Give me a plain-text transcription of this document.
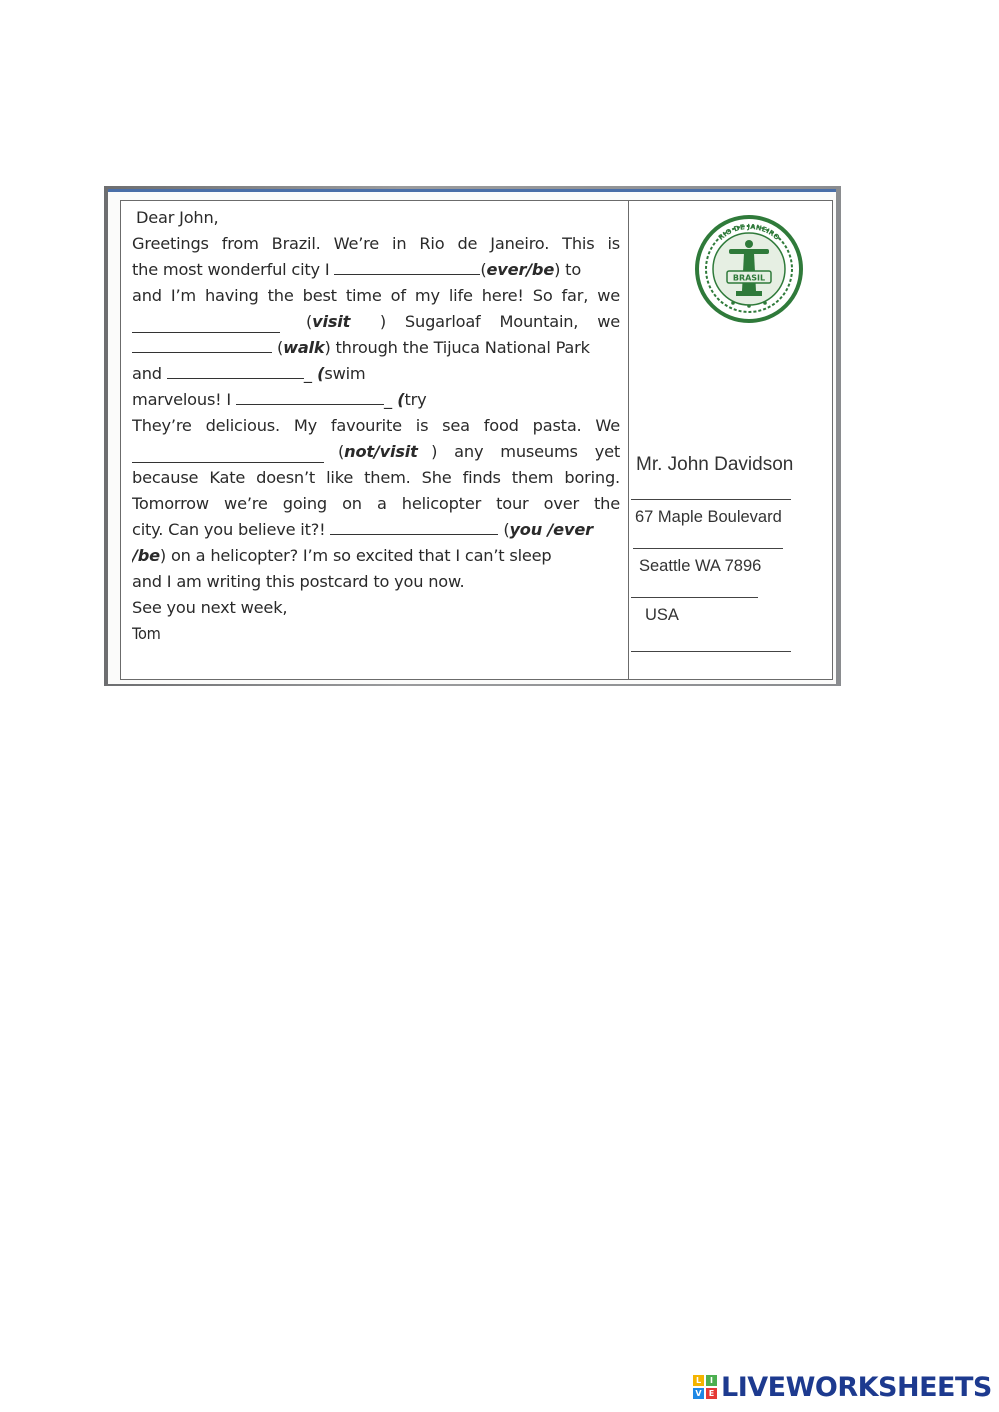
Dear John,
Greetings from Brazil. We’re in Rio de Janeiro. This is
the most wonderful city I	(ever/be) to
and I’m having the best time of my life here! So far, we
( visit ) Sugarloaf Mountain, we
(walk) through the Tijuca National Park
and	_ (swim
marvelous! I	_ (try
They’re delicious. My favourite is sea food pasta. We
( not/visit ) any museums yet
because Kate doesn’t like them. She finds them boring.
Tomorrow we’re going on a helicopter tour over the
city. Can you believe it?!	(you /ever
/be) on a helicopter? I’m so excited that I can’t sleep
and I am writing this postcard to you now.
See you next week,
Tom
BRASIL
RIO DE JANEIRO
Mr. John Davidson
67 Maple Boulevard
Seattle WA 7896
USA
L	I
V E LIVEWORKSHEETS
